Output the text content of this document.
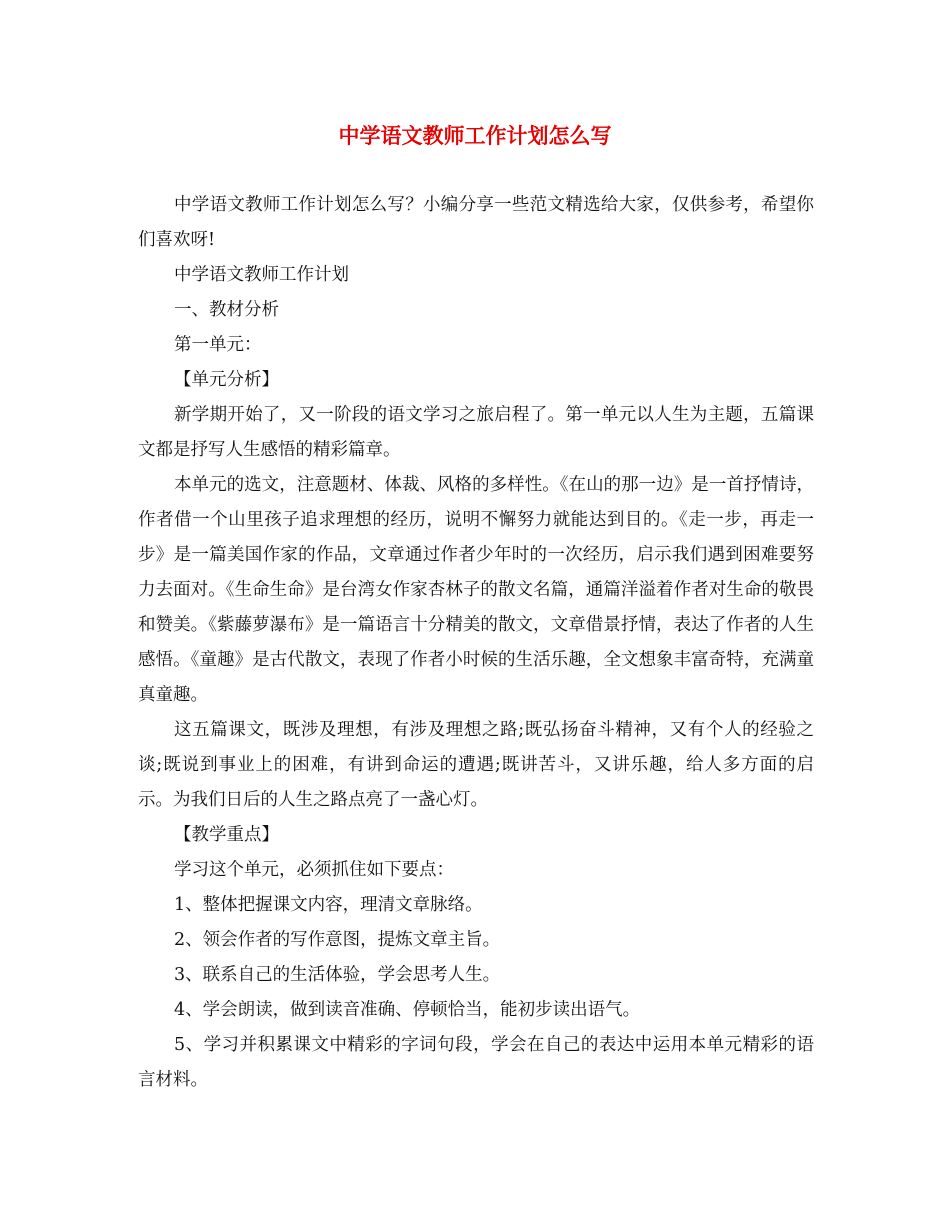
中学语文教师工作计划怎么写

中学语文教师工作计划怎么写？小编分享一些范文精选给大家，仅供参考，希望你们喜欢呀!

中学语文教师工作计划

一、教材分析

第一单元：

【单元分析】

新学期开始了，又一阶段的语文学习之旅启程了。第一单元以人生为主题，五篇课文都是抒写人生感悟的精彩篇章。

本单元的选文，注意题材、体裁、风格的多样性。《在山的那一边》是一首抒情诗，作者借一个山里孩子追求理想的经历，说明不懈努力就能达到目的。《走一步，再走一步》是一篇美国作家的作品，文章通过作者少年时的一次经历，启示我们遇到困难要努力去面对。《生命生命》是台湾女作家杏林子的散文名篇，通篇洋溢着作者对生命的敬畏和赞美。《紫藤萝瀑布》是一篇语言十分精美的散文，文章借景抒情，表达了作者的人生感悟。《童趣》是古代散文，表现了作者小时候的生活乐趣，全文想象丰富奇特，充满童真童趣。

这五篇课文，既涉及理想，有涉及理想之路;既弘扬奋斗精神，又有个人的经验之谈;既说到事业上的困难，有讲到命运的遭遇;既讲苦斗，又讲乐趣，给人多方面的启示。为我们日后的人生之路点亮了一盏心灯。

【教学重点】

学习这个单元，必须抓住如下要点：

1、整体把握课文内容，理清文章脉络。

2、领会作者的写作意图，提炼文章主旨。

3、联系自己的生活体验，学会思考人生。

4、学会朗读，做到读音准确、停顿恰当，能初步读出语气。

5、学习并积累课文中精彩的字词句段，学会在自己的表达中运用本单元精彩的语言材料。
